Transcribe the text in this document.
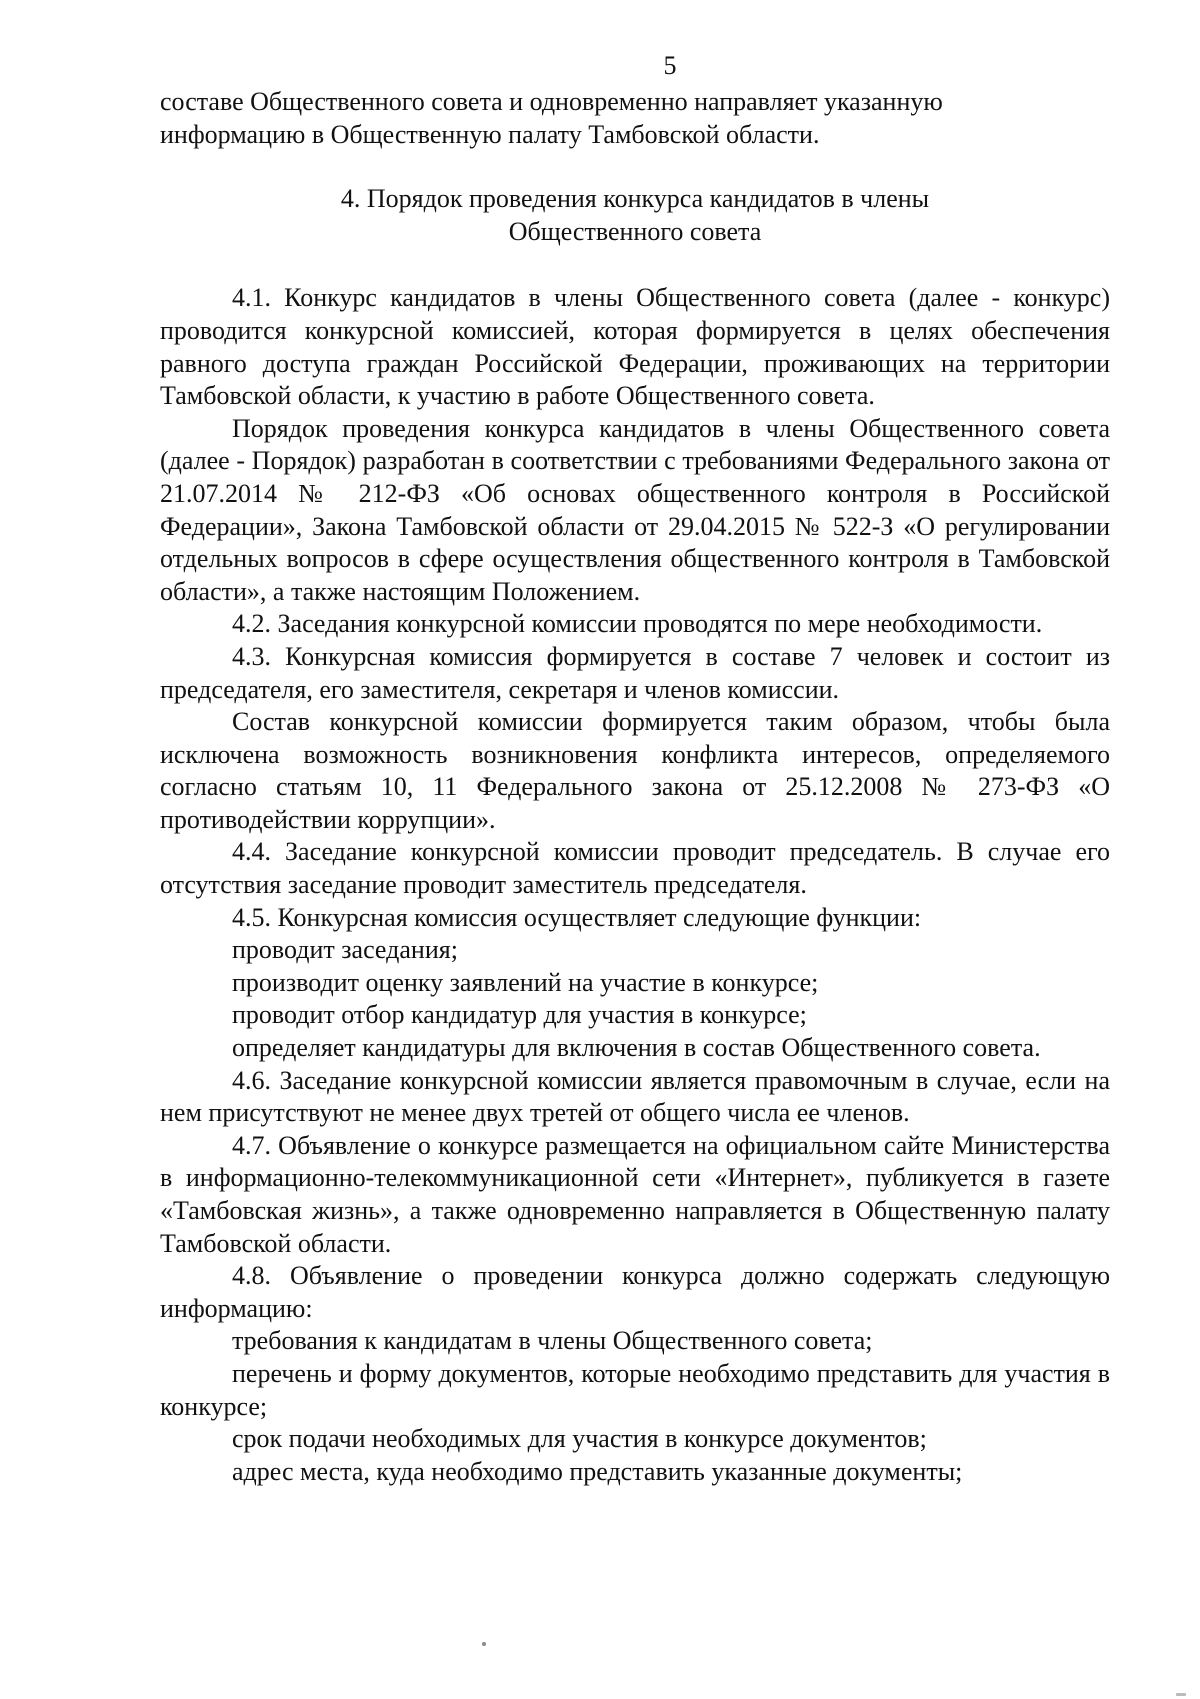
5

составе Общественного совета и одновременно направляет указанную
информацию в Общественную палату Тамбовской области.

4. Порядок проведения конкурса кандидатов в члены
Общественного совета

4.1. Конкурс кандидатов в члены Общественного совета (далее - конкурс) проводится конкурсной комиссией, которая формируется в целях обеспечения равного доступа граждан Российской Федерации, проживающих на территории Тамбовской области, к участию в работе Общественного совета.

Порядок проведения конкурса кандидатов в члены Общественного совета (далее - Порядок) разработан в соответствии с требованиями Федерального закона от 21.07.2014 № 212-ФЗ «Об основах общественного контроля в Российской Федерации», Закона Тамбовской области от 29.04.2015 № 522-З «О регулировании отдельных вопросов в сфере осуществления общественного контроля в Тамбовской области», а также настоящим Положением.

4.2. Заседания конкурсной комиссии проводятся по мере необходимости.

4.3. Конкурсная комиссия формируется в составе 7 человек и состоит из председателя, его заместителя, секретаря и членов комиссии.

Состав конкурсной комиссии формируется таким образом, чтобы была исключена возможность возникновения конфликта интересов, определяемого согласно статьям 10, 11 Федерального закона от 25.12.2008 № 273-ФЗ «О противодействии коррупции».

4.4. Заседание конкурсной комиссии проводит председатель. В случае его отсутствия заседание проводит заместитель председателя.

4.5. Конкурсная комиссия осуществляет следующие функции:

проводит заседания;

производит оценку заявлений на участие в конкурсе;

проводит отбор кандидатур для участия в конкурсе;

определяет кандидатуры для включения в состав Общественного совета.

4.6. Заседание конкурсной комиссии является правомочным в случае, если на нем присутствуют не менее двух третей от общего числа ее членов.

4.7. Объявление о конкурсе размещается на официальном сайте Министерства в информационно-телекоммуникационной сети «Интернет», публикуется в газете «Тамбовская жизнь», а также одновременно направляется в Общественную палату Тамбовской области.

4.8. Объявление о проведении конкурса должно содержать следующую информацию:

требования к кандидатам в члены Общественного совета;

перечень и форму документов, которые необходимо представить для участия в конкурсе;

срок подачи необходимых для участия в конкурсе документов;

адрес места, куда необходимо представить указанные документы;
